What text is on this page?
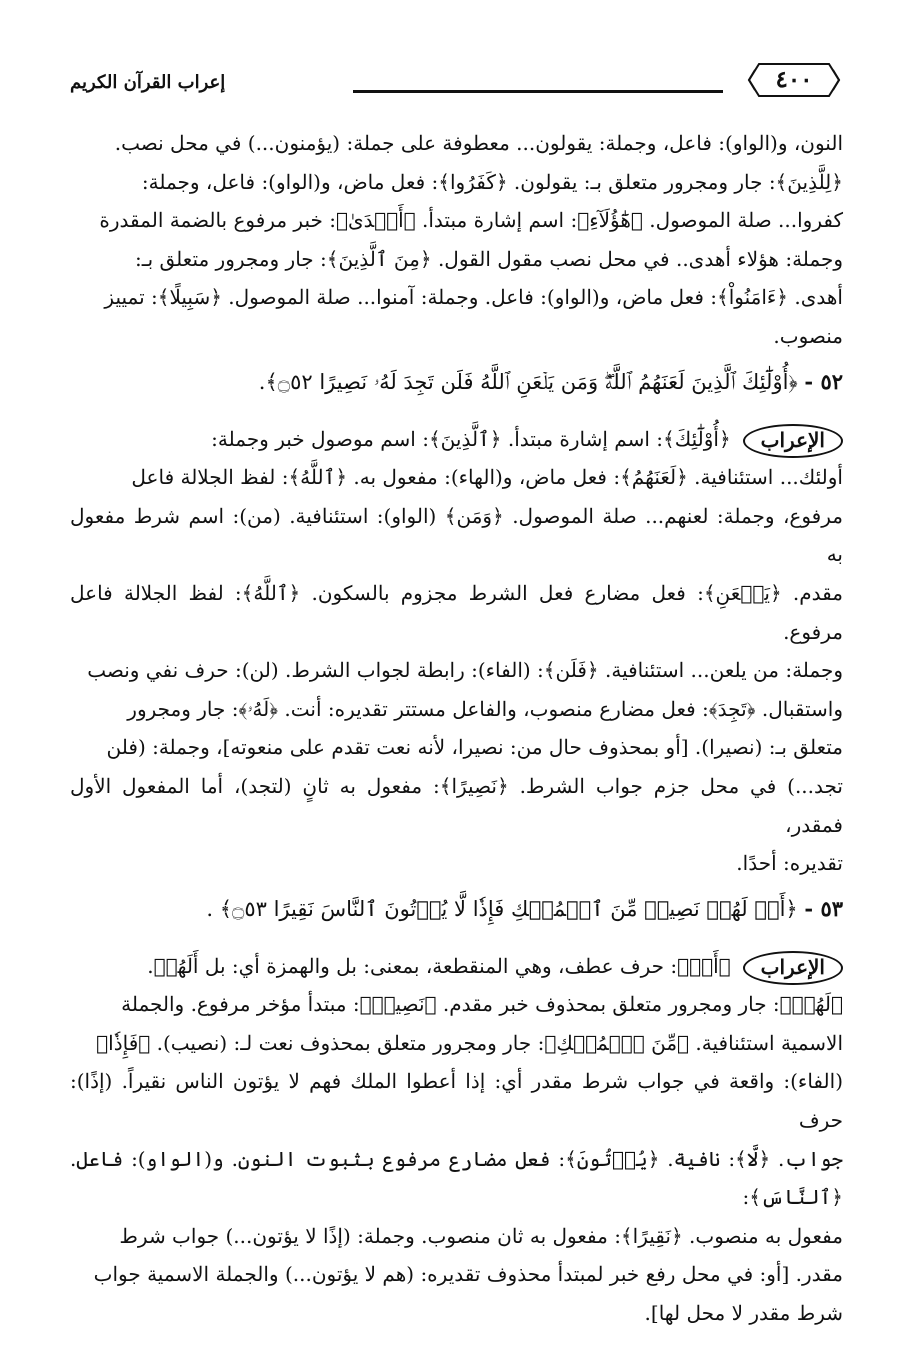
٤٠٠
إعراب القرآن الكريم

النون، و(الواو): فاعل، وجملة: يقولون... معطوفة على جملة: (يؤمنون...) في محل نصب.

﴿لِلَّذِينَ﴾: جار ومجرور متعلق بـ: يقولون. ﴿كَفَرُوا﴾: فعل ماض، و(الواو): فاعل، وجملة:

كفروا... صلة الموصول. ﴿هَٰٓؤُلَآءِ﴾: اسم إشارة مبتدأ. ﴿أَهۡدَىٰ﴾: خبر مرفوع بالضمة المقدرة

وجملة: هؤلاء أهدى.. في محل نصب مقول القول. ﴿مِنَ ٱلَّذِينَ﴾: جار ومجرور متعلق بـ:

أهدى. ﴿ءَامَنُواْ﴾: فعل ماض، و(الواو): فاعل. وجملة: آمنوا... صلة الموصول. ﴿سَبِيلًا﴾: تمييز

منصوب.

٥٢ - ﴿أُوْلَٰٓئِكَ ٱلَّذِينَ لَعَنَهُمُ ٱللَّهُۖ وَمَن يَلۡعَنِ ٱللَّهُ فَلَن تَجِدَ لَهُۥ نَصِيرًا ۝٥٢﴾.

الإعراب

﴿أُوْلَٰٓئِكَ﴾: اسم إشارة مبتدأ. ﴿ٱلَّذِينَ﴾: اسم موصول خبر وجملة:

أولئك... استئنافية. ﴿لَعَنَهُمُ﴾: فعل ماض، و(الهاء): مفعول به. ﴿ٱللَّهُ﴾: لفظ الجلالة فاعل

مرفوع، وجملة: لعنهم... صلة الموصول. ﴿وَمَن﴾ (الواو): استئنافية. (من): اسم شرط مفعول به

مقدم. ﴿يَلۡعَنِ﴾: فعل مضارع فعل الشرط مجزوم بالسكون. ﴿ٱللَّهُ﴾: لفظ الجلالة فاعل مرفوع.

وجملة: من يلعن... استئنافية. ﴿فَلَن﴾: (الفاء): رابطة لجواب الشرط. (لن): حرف نفي ونصب

واستقبال. ﴿تَجِدَ﴾: فعل مضارع منصوب، والفاعل مستتر تقديره: أنت. ﴿لَهُۥ﴾: جار ومجرور

متعلق بـ: (نصيرا). [أو بمحذوف حال من: نصيرا، لأنه نعت تقدم على منعوته]، وجملة: (فلن

تجد...) في محل جزم جواب الشرط. ﴿نَصِيرًا﴾: مفعول به ثانٍ (لتجد)، أما المفعول الأول فمقدر،

تقديره: أحدًا.

٥٣ - ﴿أَمۡ لَهُمۡ نَصِيبٞ مِّنَ ٱلۡمُلۡكِ فَإِذٗا لَّا يُؤۡتُونَ ٱلنَّاسَ نَقِيرًا ۝٥٣﴾ .

الإعراب

﴿أَمۡ﴾: حرف عطف، وهي المنقطعة، بمعنى: بل والهمزة أي: بل أَلَهُمۡ.

﴿لَهُمۡ﴾: جار ومجرور متعلق بمحذوف خبر مقدم. ﴿نَصِيبٞ﴾: مبتدأ مؤخر مرفوع. والجملة

الاسمية استئنافية. ﴿مِّنَ ٱلۡمُلۡكِ﴾: جار ومجرور متعلق بمحذوف نعت لـ: (نصيب). ﴿فَإِذٗا﴾

(الفاء): واقعة في جواب شرط مقدر أي: إذا أعطوا الملك فهم لا يؤتون الناس نقيراً. (إذًا): حرف

جواب. ﴿لَّا﴾: نافية. ﴿يُؤۡتُونَ﴾: فعل مضارع مرفوع بثبوت النون. و(الواو): فاعل. ﴿ٱلنَّاسَ﴾:

مفعول به منصوب. ﴿نَقِيرًا﴾: مفعول به ثان منصوب. وجملة: (إذًا لا يؤتون...) جواب شرط

مقدر. [أو: في محل رفع خبر لمبتدأ محذوف تقديره: (هم لا يؤتون...) والجملة الاسمية جواب

شرط مقدر لا محل لها].
